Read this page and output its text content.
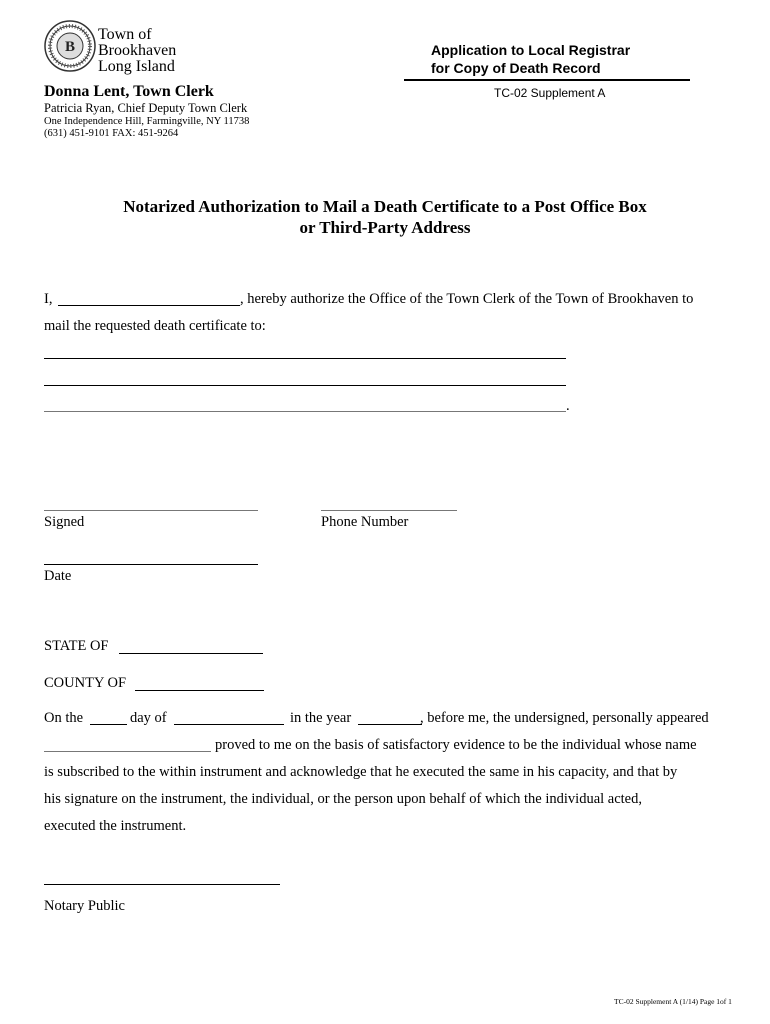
B
Town of
Brookhaven
Long Island
Application to Local Registrar
for Copy of Death Record
TC-02 Supplement A
Donna Lent, Town Clerk
Patricia Ryan, Chief Deputy Town Clerk
One Independence Hill, Farmingville, NY 11738
(631) 451-9101 FAX: 451-9264
Notarized Authorization to Mail a Death Certificate to a Post Office Box
or Third-Party Address
I,	, hereby authorize the Office of the Town Clerk of the Town of Brookhaven to
mail the requested death certificate to:
.
Signed	Phone Number
Date
STATE OF
COUNTY OF
On the	day of	in the year	, before me, the undersigned, personally appeared
proved to me on the basis of satisfactory evidence to be the individual whose name
is subscribed to the within instrument and acknowledge that he executed the same in his capacity, and that by
his signature on the instrument, the individual, or the person upon behalf of which the individual acted,
executed the instrument.
Notary Public
TC-02 Supplement A (1/14) Page 1of 1
